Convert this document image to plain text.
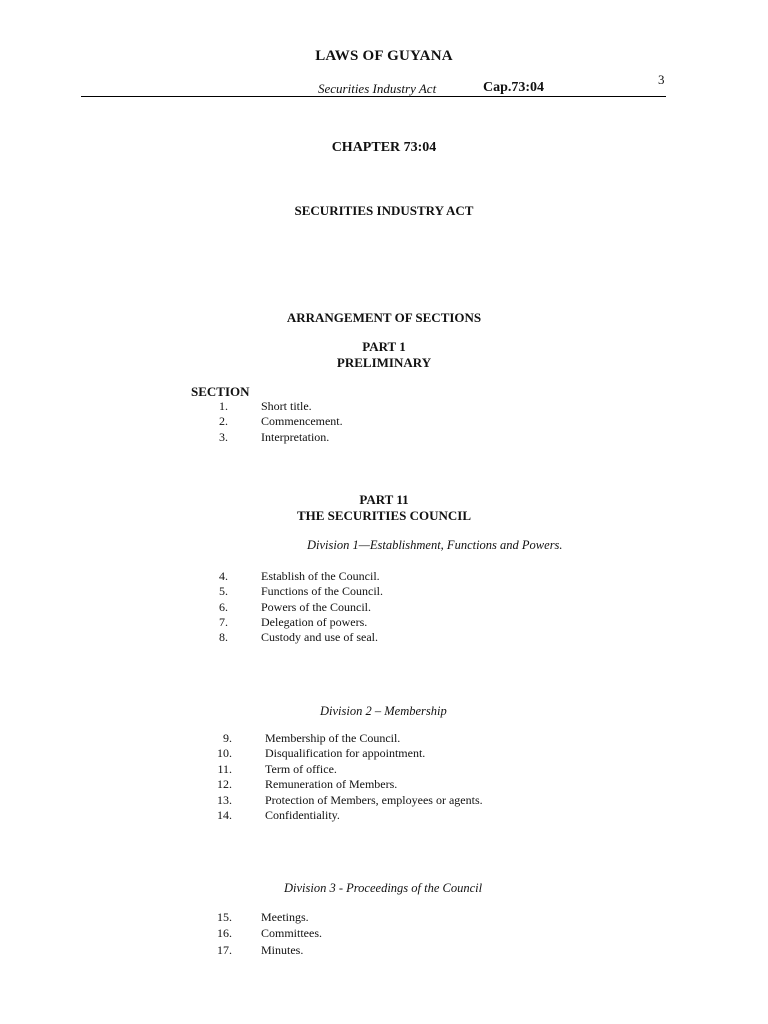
LAWS OF GUYANA
3
Securities Industry Act	Cap.73:04
CHAPTER 73:04
SECURITIES INDUSTRY ACT
ARRANGEMENT OF SECTIONS
PART 1
PRELIMINARY
SECTION
1.	Short title.
2.	Commencement.
3.	Interpretation.
PART 11
THE SECURITIES COUNCIL
Division 1—Establishment, Functions and Powers.
4.	Establish of the Council.
5.	Functions of the Council.
6.	Powers of the Council.
7.	Delegation of powers.
8.	Custody and use of seal.
Division 2 – Membership
9.	Membership of the Council.
10.	Disqualification for appointment.
11.	Term of office.
12.	Remuneration of Members.
13.	Protection of Members, employees or agents.
14.	Confidentiality.
Division 3 - Proceedings of the Council
15. Meetings.
16. Committees.
17. Minutes.
